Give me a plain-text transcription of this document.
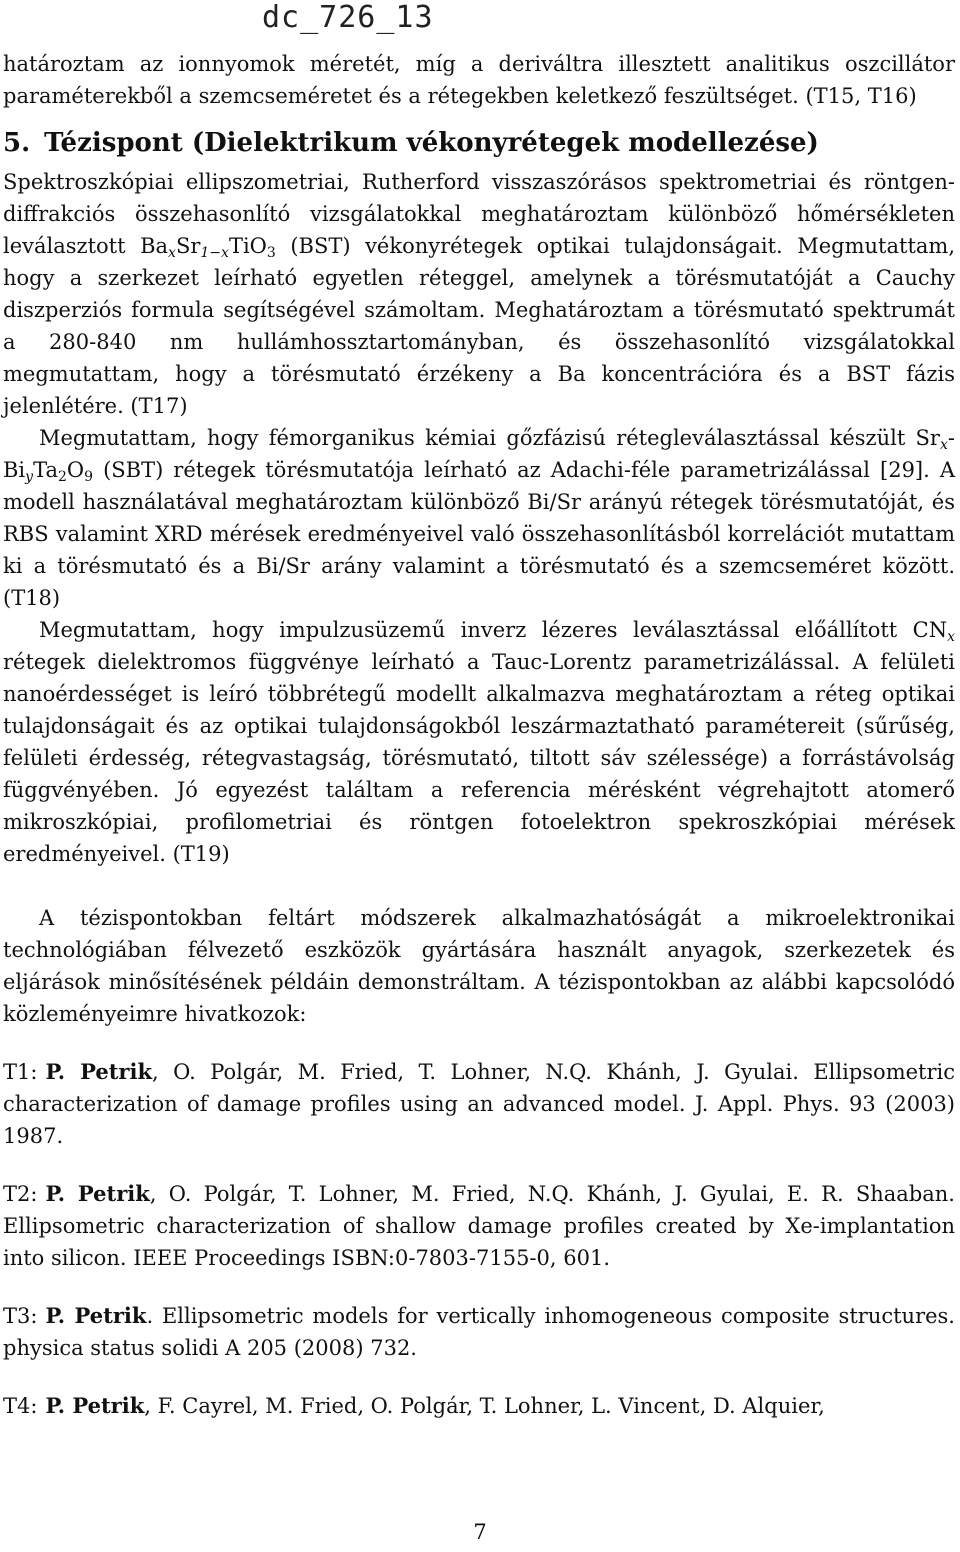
dc_726_13

határoztam az ionnyomok méretét, míg a deriváltra illesztett analitikus oszcillátor paraméterekből a szemcseméretet és a rétegekben keletkező feszültséget. (T15, T16)

5. Tézispont (Dielektrikum vékonyrétegek modellezése)

Spektroszkópiai ellipszometriai, Rutherford visszaszórásos spektrometriai és röntgen-diffrakciós összehasonlító vizsgálatokkal meghatároztam különböző hőmérsékleten leválasztott $Ba_xSr_{1-x}TiO_3$ (BST) vékonyrétegek optikai tulajdonságait. Megmutattam, hogy a szerkezet leírható egyetlen réteggel, amelynek a törésmutatóját a Cauchy diszperziós formula segítségével számoltam. Meghatároztam a törésmutató spektrumát a 280-840 nm hullámhossztartományban, és összehasonlító vizsgálatokkal megmutattam, hogy a törésmutató érzékeny a Ba koncentrációra és a BST fázis jelenlétére. (T17)

Megmutattam, hogy fémorganikus kémiai gőzfázisú rétegleválasztással készült $Sr_x-Bi_yTa_2O_9$ (SBT) rétegek törésmutatója leírható az Adachi-féle parametrizálással [29]. A modell használatával meghatároztam különböző Bi/Sr arányú rétegek törésmutatóját, és RBS valamint XRD mérések eredményeivel való összehasonlításból korrelációt mutattam ki a törésmutató és a Bi/Sr arány valamint a törésmutató és a szemcseméret között. (T18)

Megmutattam, hogy impulzusüzemű inverz lézeres leválasztással előállított $CN_x$ rétegek dielektromos függvénye leírható a Tauc-Lorentz parametrizálással. A felületi nanoérdességet is leíró többrétegű modellt alkalmazva meghatároztam a réteg optikai tulajdonságait és az optikai tulajdonságokból leszármaztatható paramétereit (sűrűség, felületi érdesség, rétegvastagság, törésmutató, tiltott sáv szélessége) a forrástávolság függvényében. Jó egyezést találtam a referencia mérésként végrehajtott atomerő mikroszkópiai, profilometriai és röntgen fotoelektron spekroszkópiai mérések eredményeivel. (T19)

A tézispontokban feltárt módszerek alkalmazhatóságát a mikroelektronikai technológiában félvezető eszközök gyártására használt anyagok, szerkezetek és eljárások minősítésének példáin demonstráltam. A tézispontokban az alábbi kapcsolódó közleményeimre hivatkozok:

T1: P. Petrik, O. Polgár, M. Fried, T. Lohner, N.Q. Khánh, J. Gyulai. Ellipsometric characterization of damage profiles using an advanced model. J. Appl. Phys. 93 (2003) 1987.

T2: P. Petrik, O. Polgár, T. Lohner, M. Fried, N.Q. Khánh, J. Gyulai, E. R. Shaaban. Ellipsometric characterization of shallow damage profiles created by Xe-implantation into silicon. IEEE Proceedings ISBN:0-7803-7155-0, 601.

T3: P. Petrik. Ellipsometric models for vertically inhomogeneous composite structures. physica status solidi A 205 (2008) 732.

T4: P. Petrik, F. Cayrel, M. Fried, O. Polgár, T. Lohner, L. Vincent, D. Alquier,

7
